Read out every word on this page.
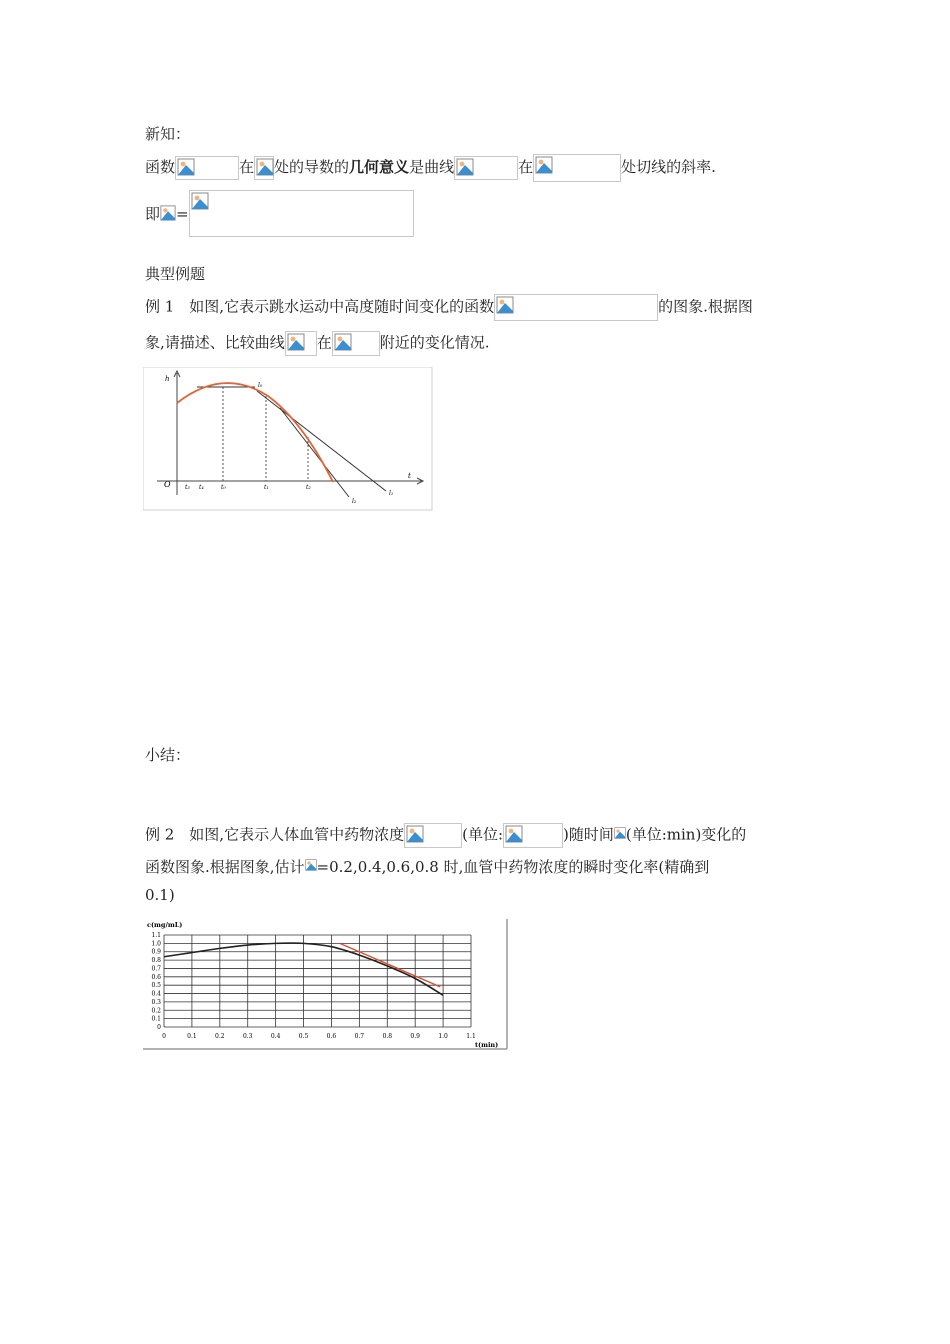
新知：
函数	在 处的导数的几何意义是曲线	在	处切线的斜率.
即 =
典型例题
例 1　如图,它表示跳水运动中高度随时间变化的函数	的图象.根据图
象,请描述、比较曲线 在	附近的变化情况.
h
t
O t₃ t₄	t₀	t₁	t₂
l₀
l₁
l₂
小结：
例 2　如图,它表示人体血管中药物浓度	(单位:	)随时间 (单位:min)变化的
函数图象.根据图象,估计 =0.2,0.4,0.6,0.8 时,血管中药物浓度的瞬时变化率(精确到
0.1)
c(mg/mL)
t(min)
0
0.1
0.2
0.3
0.4
0.5
0.6
0.7
0.8
0.9
1.0
1.1
0	0.1	0.2	0.3	0.4	0.5	0.6	0.7	0.8	0.9	1.0	1.1
